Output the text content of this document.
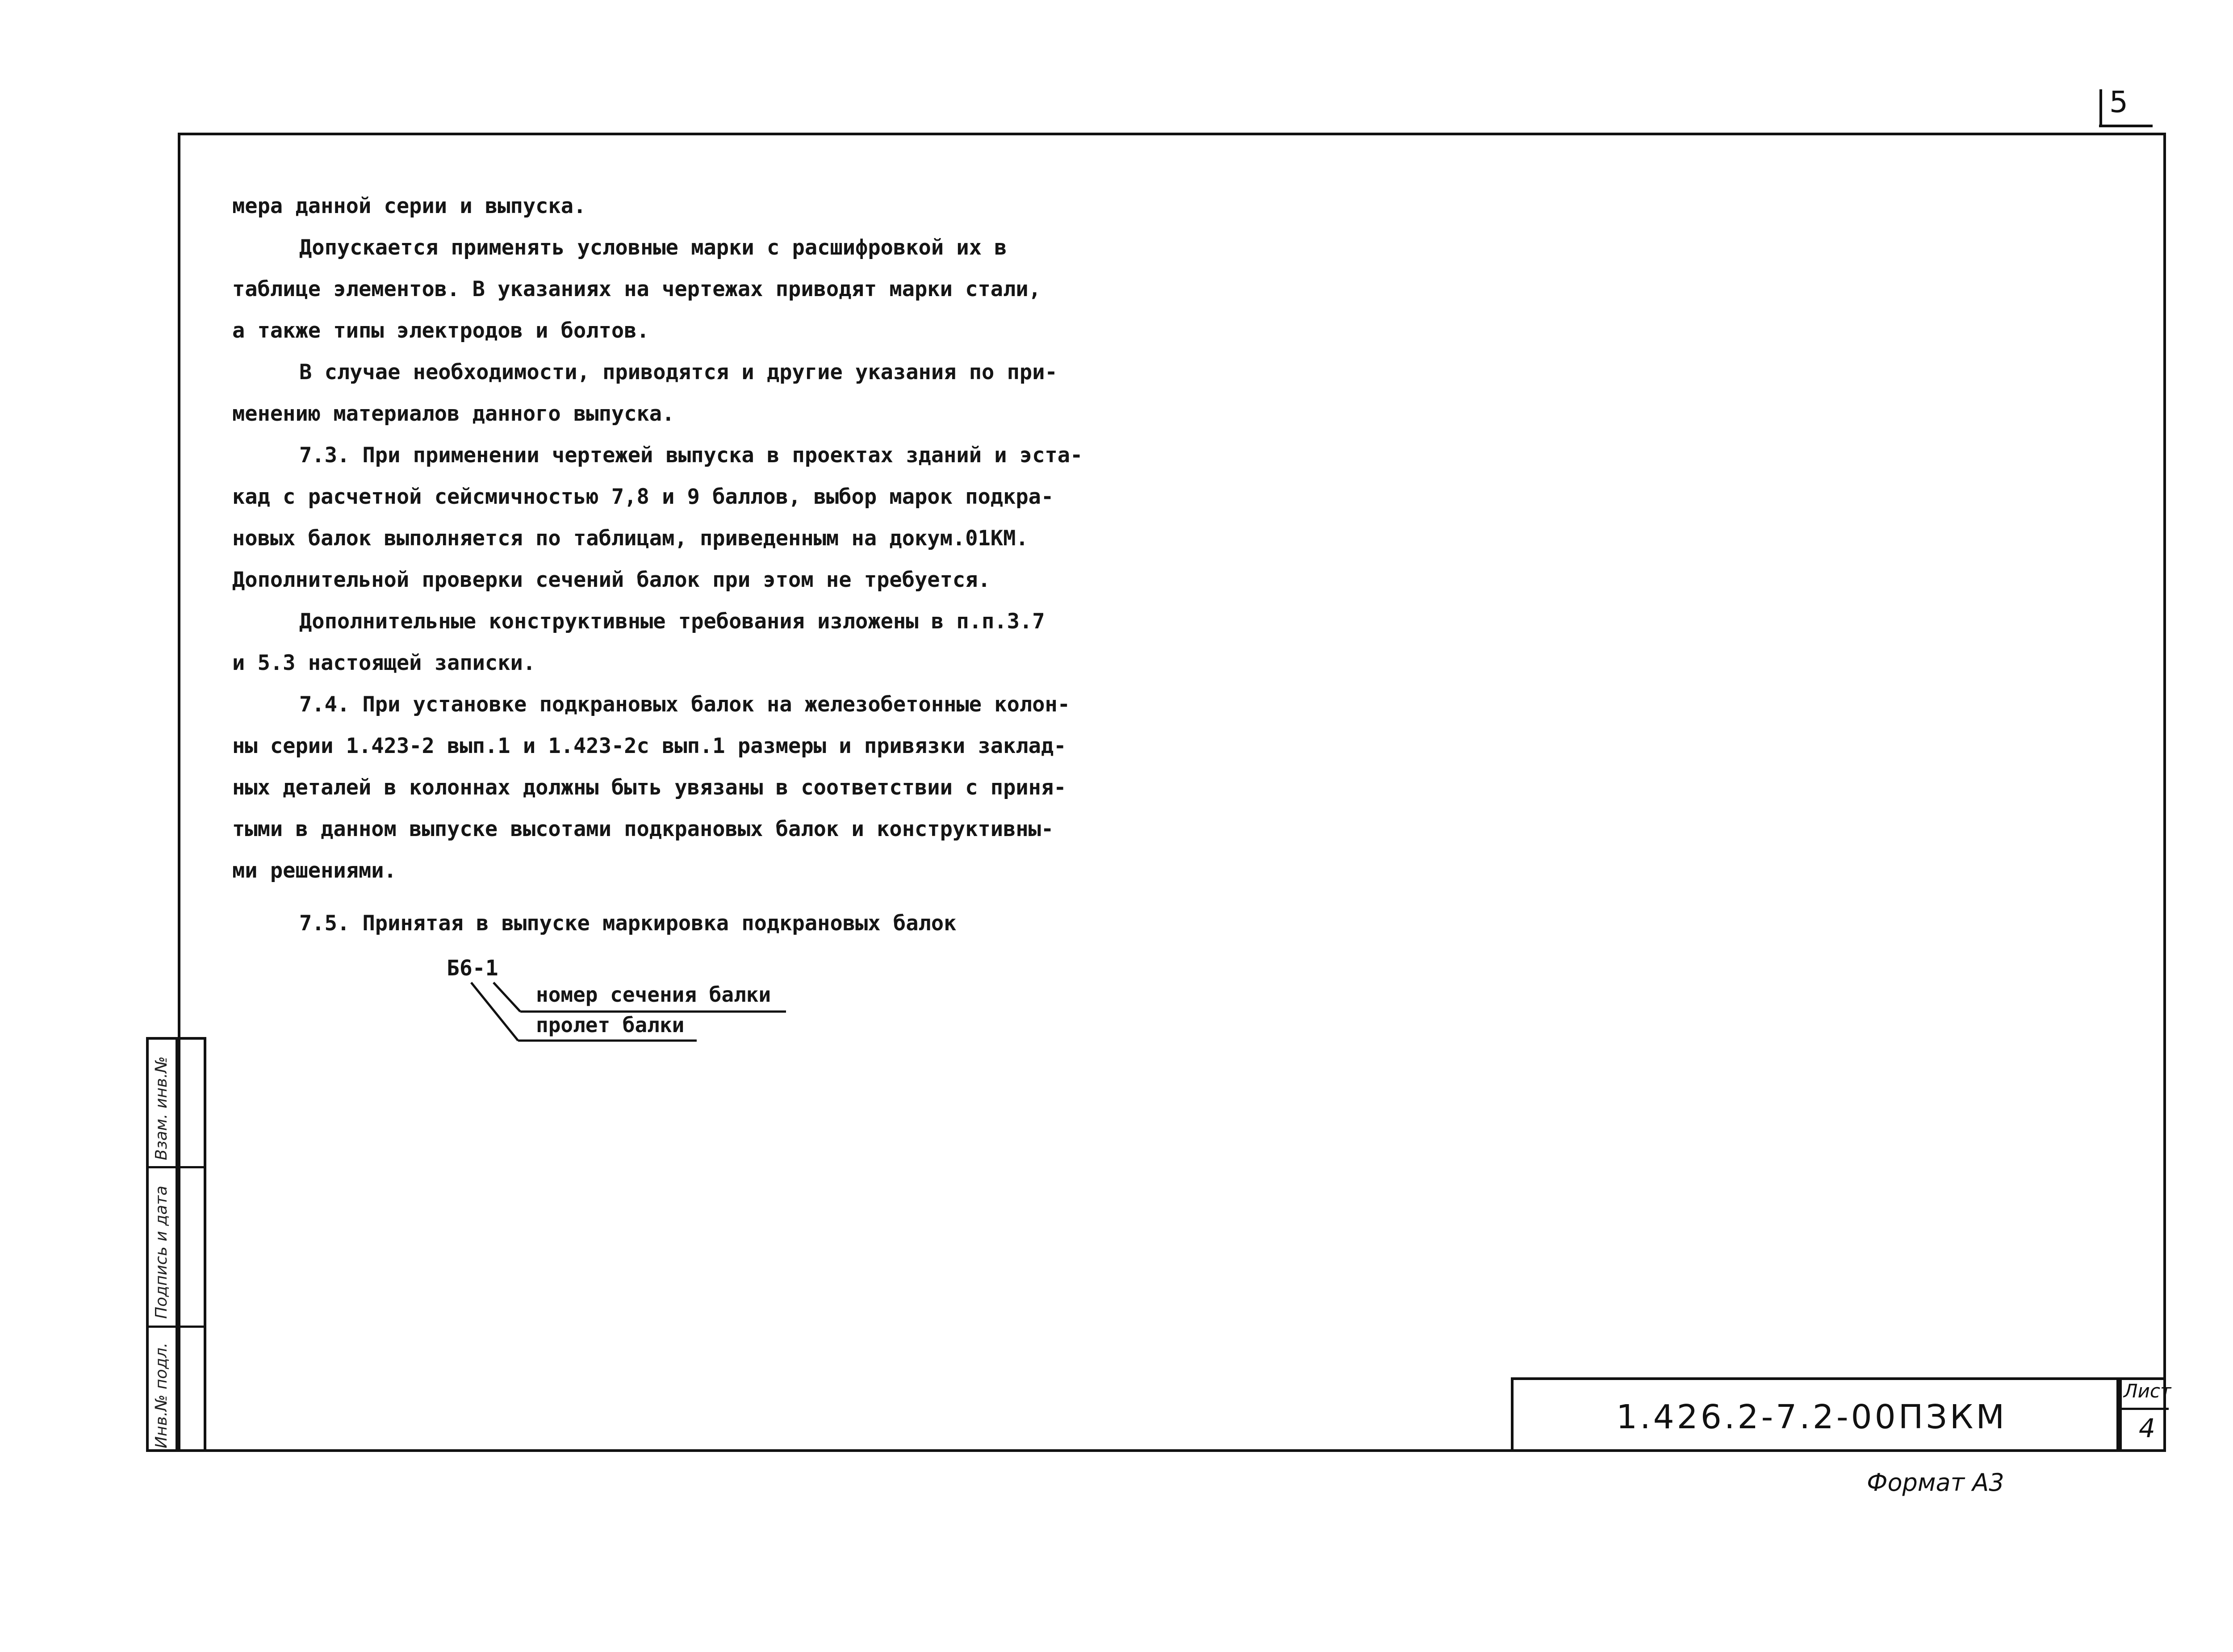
5
Взам. инв.№
Подпись и дата
Инв.№ подл.

мера данной серии и выпуска.

Допускается применять условные марки с расшифровкой их в

таблице элементов. В указаниях на чертежах приводят марки стали,

а также типы электродов и болтов.

В случае необходимости, приводятся и другие указания по при-

менению материалов данного выпуска.

7.3. При применении чертежей выпуска в проектах зданий и эста-

кад с расчетной сейсмичностью 7,8 и 9 баллов, выбор марок подкра-

новых балок выполняется по таблицам, приведенным на докум.01КМ.

Дополнительной проверки сечений балок при этом не требуется.

Дополнительные конструктивные требования изложены в п.п.3.7

и 5.3 настоящей записки.

7.4. При установке подкрановых балок на железобетонные колон-

ны серии 1.423-2 вып.1 и 1.423-2с вып.1 размеры и привязки заклад-

ных деталей в колоннах должны быть увязаны в соответствии с приня-

тыми в данном выпуске высотами подкрановых балок и конструктивны-

ми решениями.

7.5. Принятая в выпуске маркировка подкрановых балок

Б6-1
номер сечения балки
пролет балки
1.426.2-7.2-00ПЗКМ
Лист
4
Формат А3
